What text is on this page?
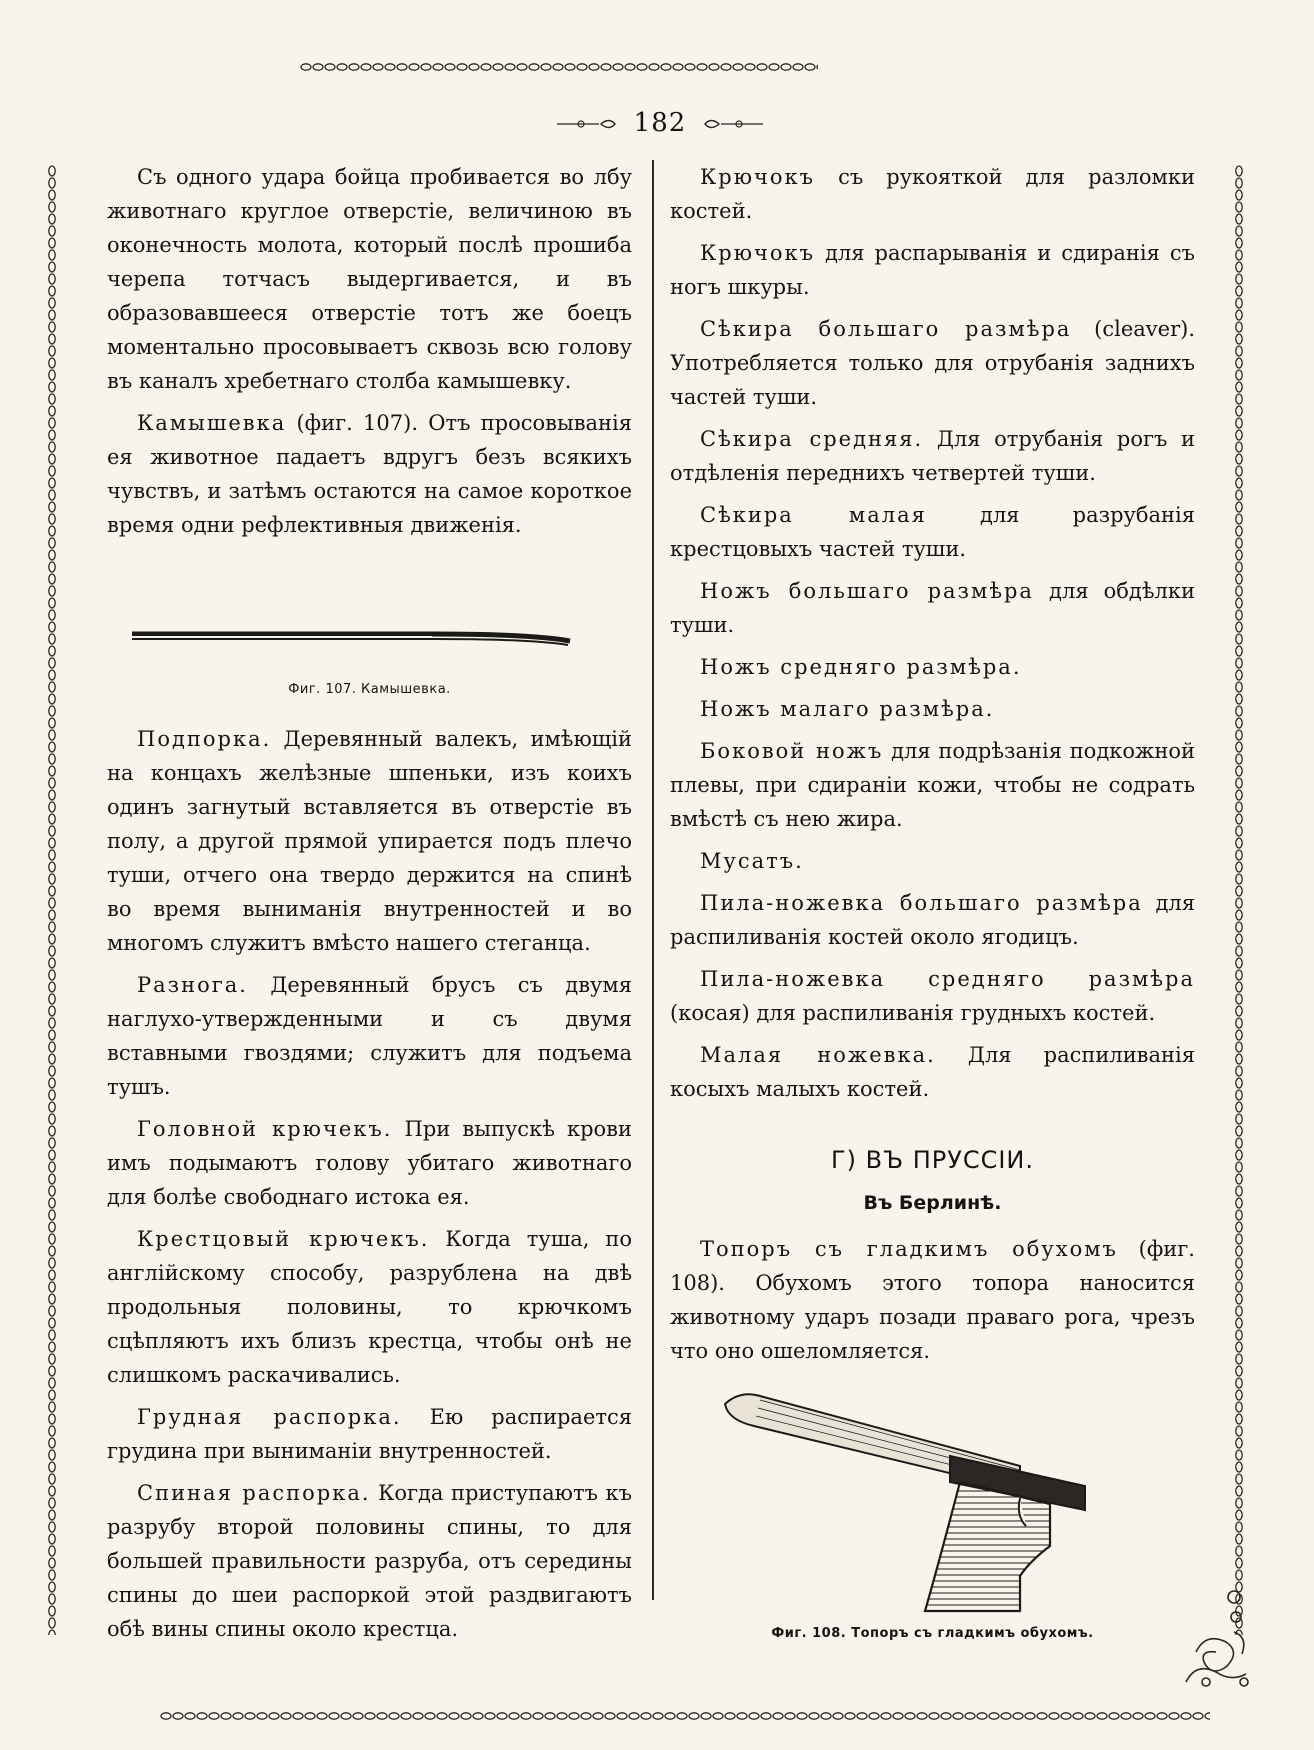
182

Съ одного удара бойца пробивается во лбу животнаго круглое отверстіе, величиною въ оконечность молота, который послѣ прошиба черепа тотчасъ выдергивается, и въ образовавшееся отверстіе тотъ же боецъ моментально просовываетъ сквозь всю голову въ каналъ хребетнаго столба камышевку.

Камышевка (фиг. 107). Отъ просовыванія ея животное падаетъ вдругъ безъ всякихъ чувствъ, и затѣмъ остаются на самое короткое время одни рефлективныя движенія.

Фиг. 107. Камышевка.

Подпорка. Деревянный валекъ, имѣющій на концахъ желѣзные шпеньки, изъ коихъ одинъ загнутый вставляется въ отверстіе въ полу, а другой прямой упирается подъ плечо туши, отчего она твердо держится на спинѣ во время выниманія внутренностей и во многомъ служитъ вмѣсто нашего стеганца.

Разнога. Деревянный брусъ съ двумя наглухо-утвержденными и съ двумя вставными гвоздями; служитъ для подъема тушъ.

Головной крючекъ. При выпускѣ крови имъ подымаютъ голову убитаго животнаго для болѣе свободнаго истока ея.

Крестцовый крючекъ. Когда туша, по англійскому способу, разрублена на двѣ продольныя половины, то крючкомъ сцѣпляютъ ихъ близъ крестца, чтобы онѣ не слишкомъ раскачивались.

Грудная распорка. Ею распирается грудина при выниманіи внутренностей.

Спиная распорка. Когда приступаютъ къ разрубу второй половины спины, то для большей правильности разруба, отъ середины спины до шеи распоркой этой раздвигаютъ обѣ вины спины около крестца.

Крючокъ съ рукояткой для разломки костей.

Крючокъ для распарыванія и сдиранія съ ногъ шкуры.

Сѣкира большаго размѣра (cleaver). Употребляется только для отрубанія заднихъ частей туши.

Сѣкира средняя. Для отрубанія рогъ и отдѣленія переднихъ четвертей туши.

Сѣкира малая для разрубанія крестцовыхъ частей туши.

Ножъ большаго размѣра для обдѣлки туши.

Ножъ средняго размѣра.

Ножъ малаго размѣра.

Боковой ножъ для подрѣзанія подкожной плевы, при сдираніи кожи, чтобы не содрать вмѣстѣ съ нею жира.

Мусатъ.

Пила-ножевка большаго размѣра для распиливанія костей около ягодицъ.

Пила-ножевка средняго размѣра (косая) для распиливанія грудныхъ костей.

Малая ножевка. Для распиливанія косыхъ малыхъ костей.

Г) ВЪ ПРУССІИ.
Въ Берлинѣ.

Топоръ съ гладкимъ обухомъ (фиг. 108). Обухомъ этого топора наносится животному ударъ позади праваго рога, чрезъ что оно ошеломляется.

Фиг. 108. Топоръ съ гладкимъ обухомъ.
